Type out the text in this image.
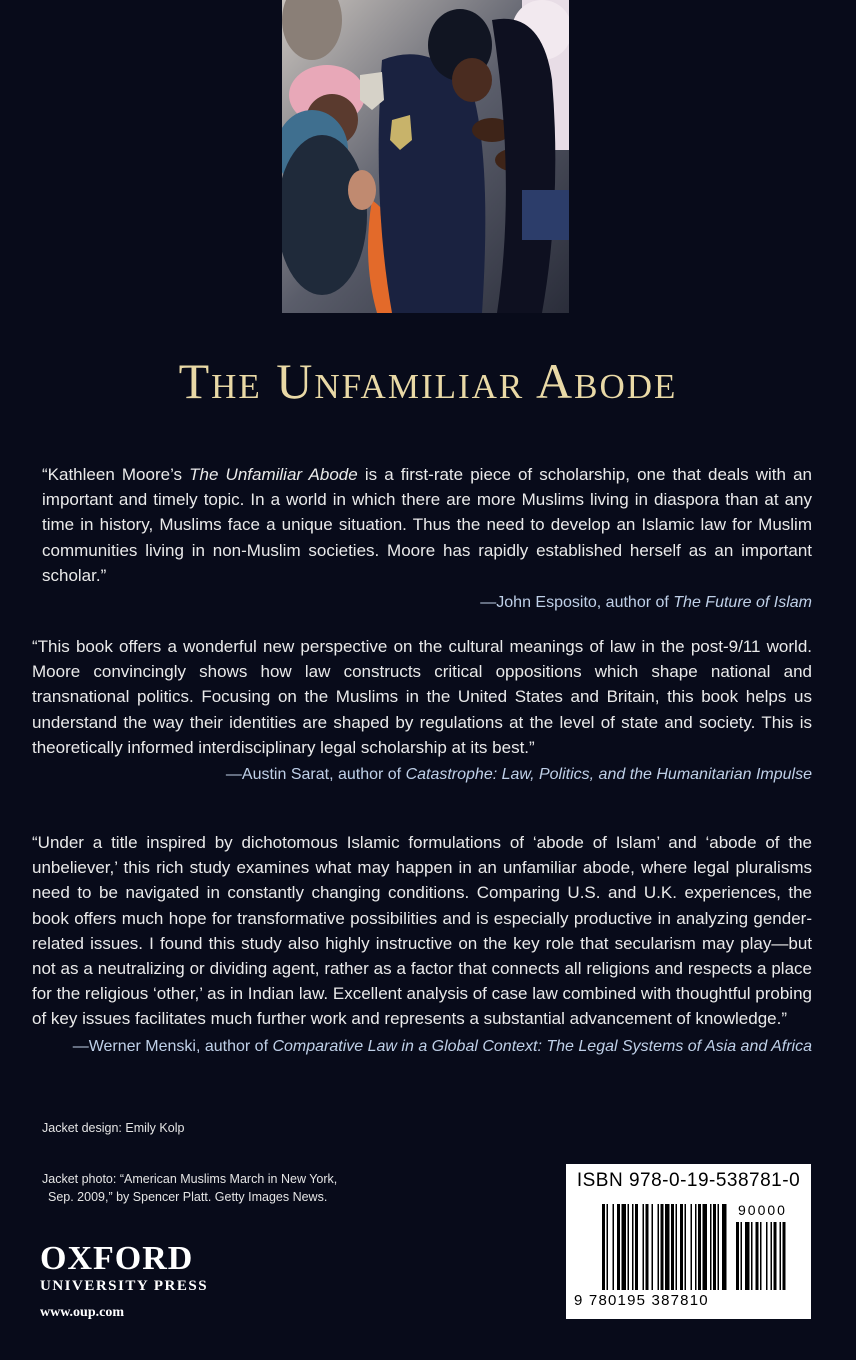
The Unfamiliar Abode

“Kathleen Moore’s The Unfamiliar Abode is a first-rate piece of scholarship, one that deals with an important and timely topic. In a world in which there are more Muslims living in diaspora than at any time in history, Muslims face a unique situation. Thus the need to develop an Islamic law for Muslim communities living in non-Muslim societies. Moore has rapidly established herself as an important scholar.”

—John Esposito, author of The Future of Islam

“This book offers a wonderful new perspective on the cultural meanings of law in the post-9/11 world. Moore convincingly shows how law constructs critical oppositions which shape national and transnational politics. Focusing on the Muslims in the United States and Britain, this book helps us understand the way their identities are shaped by regulations at the level of state and society. This is theoretically informed interdisciplinary legal scholarship at its best.”

—Austin Sarat, author of Catastrophe: Law, Politics, and the Humanitarian Impulse

“Under a title inspired by dichotomous Islamic formulations of ‘abode of Islam’ and ‘abode of the unbeliever,’ this rich study examines what may happen in an unfamiliar abode, where legal pluralisms need to be navigated in constantly changing conditions. Comparing U.S. and U.K. experiences, the book offers much hope for transformative possibilities and is especially productive in analyzing gender-related issues. I found this study also highly instructive on the key role that secularism may play—but not as a neutralizing or dividing agent, rather as a factor that connects all religions and respects a place for the religious ‘other,’ as in Indian law. Excellent analysis of case law combined with thoughtful probing of key issues facilitates much further work and represents a substantial advancement of knowledge.”

—Werner Menski, author of Comparative Law in a Global Context: The Legal Systems of Asia and Africa
Jacket design: Emily Kolp
Jacket photo: “American Muslims March in New York,
Sep. 2009,” by Spencer Platt. Getty Images News.
OXFORD
UNIVERSITY PRESS
www.oup.com
ISBN 978-0-19-538781-0
90000
9 780195 387810
